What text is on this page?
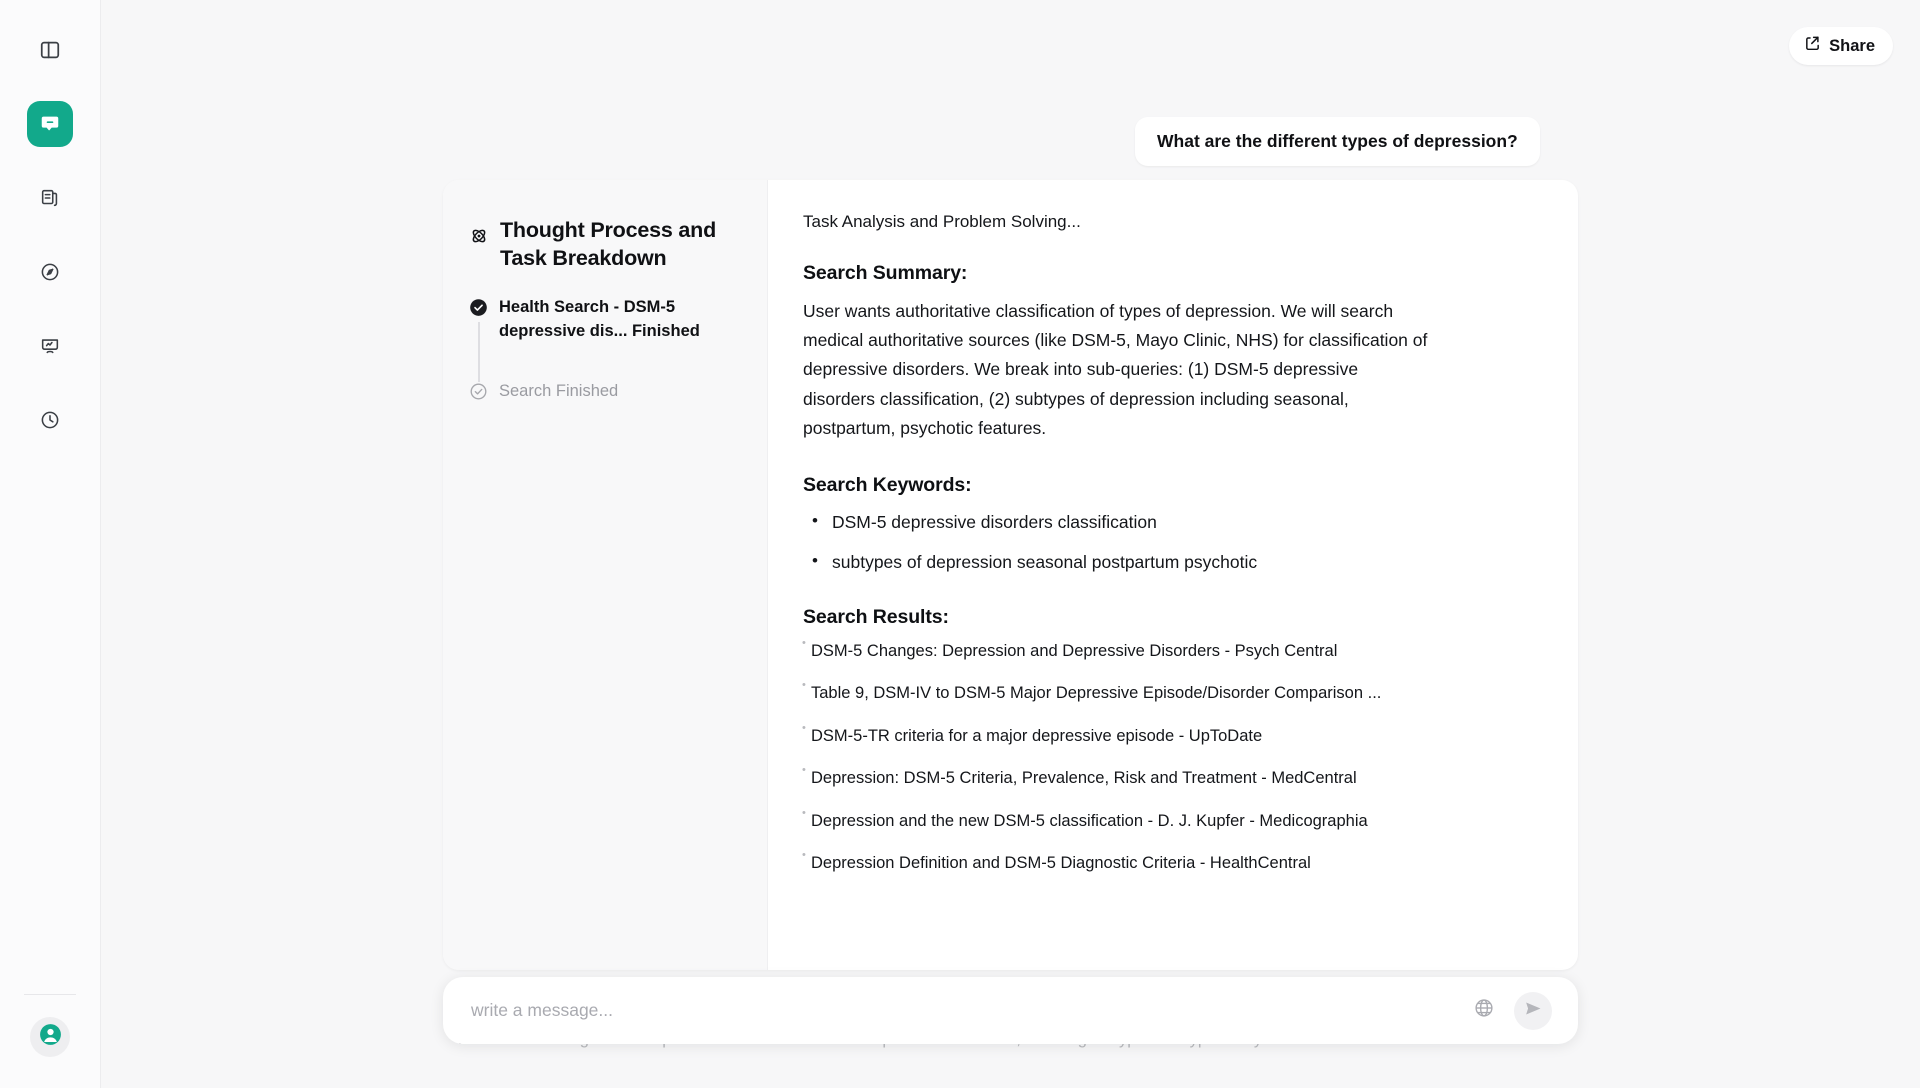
Share
What are the different types of depression?
Thought Process and Task Breakdown
Health Search - DSM-5 depressive dis... Finished
Search Finished

Task Analysis and Problem Solving...

Search Summary:

User wants authoritative classification of types of depression. We will search medical authoritative sources (like DSM-5, Mayo Clinic, NHS) for classification of depressive disorders. We break into sub-queries: (1) DSM-5 depressive disorders classification, (2) subtypes of depression including seasonal, postpartum, psychotic features.

Search Keywords:
• DSM-5 depressive disorders classification
• subtypes of depression seasonal postpartum psychotic
Search Results:
• DSM-5 Changes: Depression and Depressive Disorders - Psych Central
• Table 9, DSM-IV to DSM-5 Major Depressive Episode/Disorder Comparison ...
• DSM-5-TR criteria for a major depressive episode - UpToDate
• Depression: DSM-5 Criteria, Prevalence, Risk and Treatment - MedCentral
• Depression and the new DSM-5 classification - D. J. Kupfer - Medicographia
• Depression Definition and DSM-5 Diagnostic Criteria - HealthCentral
write a message...
